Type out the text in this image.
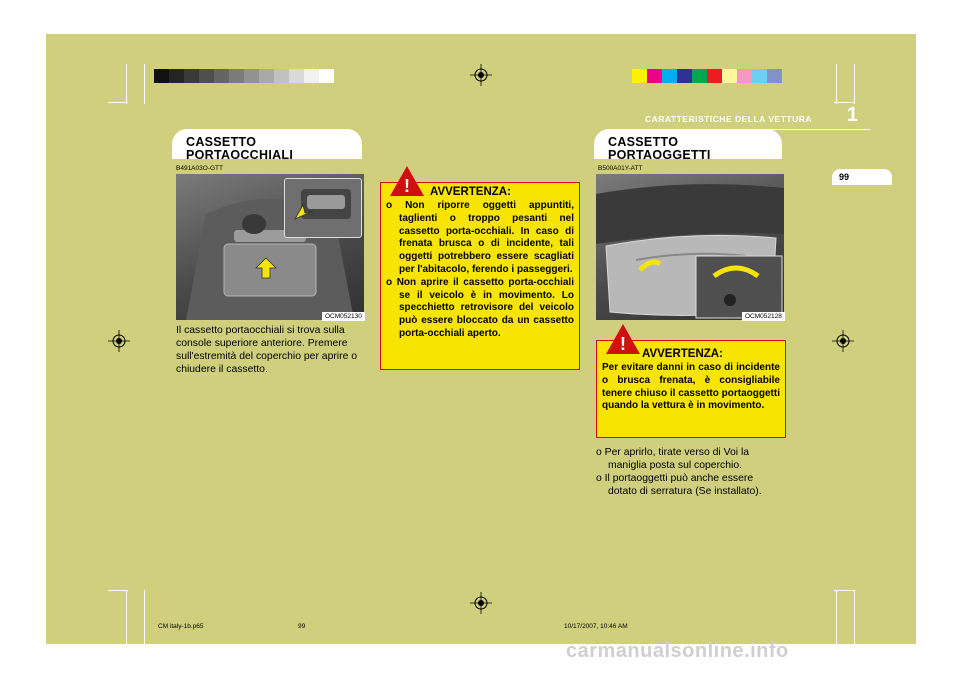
CARATTERISTICHE DELLA VETTURA 1
99
CASSETTO
PORTAOCCHIALI
B491A03O-GTT
OCM052130
Il cassetto portaocchiali si trova sulla console superiore anteriore. Premere sull'estremità del coperchio per aprire o chiudere il cassetto.
! AVVERTENZA:

o Non riporre oggetti appuntiti, taglienti o troppo pesanti nel cassetto porta-occhiali. In caso di frenata brusca o di incidente, tali oggetti potrebbero essere scagliati per l'abitacolo, ferendo i passeggeri.

o Non aprire il cassetto porta-occhiali se il veicolo è in movimento. Lo specchietto retrovisore del veicolo può essere bloccato da un cassetto porta-occhiali aperto.

CASSETTO
PORTAOGGETTI
B500A01Y-ATT
OCM052128
! AVVERTENZA:
Per evitare danni in caso di incidente o brusca frenata, è consigliabile tenere chiuso il cassetto portaoggetti quando la vettura è in movimento.

o Per aprirlo, tirate verso di Voi la maniglia posta sul coperchio.

o Il portaoggetti può anche essere dotato di serratura (Se installato).

CM italy-1b.p65	99	10/17/2007, 10:46 AM
carmanualsonline.info
